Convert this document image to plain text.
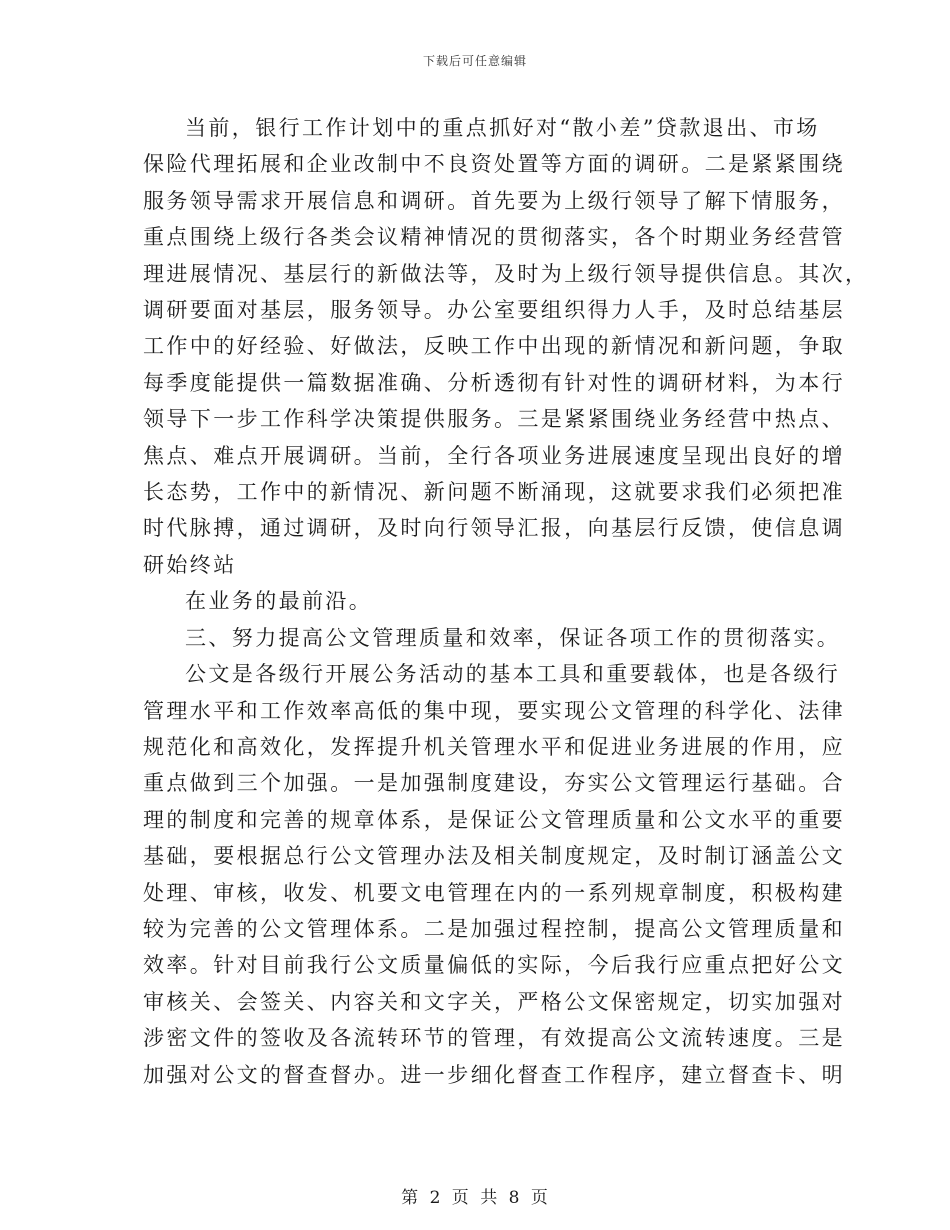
下载后可任意编辑

当前，银行工作计划中的重点抓好对“散小差”贷款退出、市场
保险代理拓展和企业改制中不良资处置等方面的调研。二是紧紧围绕
服务领导需求开展信息和调研。首先要为上级行领导了解下情服务，
重点围绕上级行各类会议精神情况的贯彻落实，各个时期业务经营管
理进展情况、基层行的新做法等，及时为上级行领导提供信息。其次，
调研要面对基层，服务领导。办公室要组织得力人手，及时总结基层
工作中的好经验、好做法，反映工作中出现的新情况和新问题，争取
每季度能提供一篇数据准确、分析透彻有针对性的调研材料，为本行
领导下一步工作科学决策提供服务。三是紧紧围绕业务经营中热点、
焦点、难点开展调研。当前，全行各项业务进展速度呈现出良好的增
长态势，工作中的新情况、新问题不断涌现，这就要求我们必须把准
时代脉搏，通过调研，及时向行领导汇报，向基层行反馈，使信息调
研始终站

在业务的最前沿。

三、努力提高公文管理质量和效率，保证各项工作的贯彻落实。

公文是各级行开展公务活动的基本工具和重要载体，也是各级行
管理水平和工作效率高低的集中现，要实现公文管理的科学化、法律
规范化和高效化，发挥提升机关管理水平和促进业务进展的作用，应
重点做到三个加强。一是加强制度建设，夯实公文管理运行基础。合
理的制度和完善的规章体系，是保证公文管理质量和公文水平的重要
基础，要根据总行公文管理办法及相关制度规定，及时制订涵盖公文
处理、审核，收发、机要文电管理在内的一系列规章制度，积极构建
较为完善的公文管理体系。二是加强过程控制，提高公文管理质量和
效率。针对目前我行公文质量偏低的实际，今后我行应重点把好公文
审核关、会签关、内容关和文字关，严格公文保密规定，切实加强对
涉密文件的签收及各流转环节的管理，有效提高公文流转速度。三是
加强对公文的督查督办。进一步细化督查工作程序，建立督查卡、明

第 2 页 共 8 页
